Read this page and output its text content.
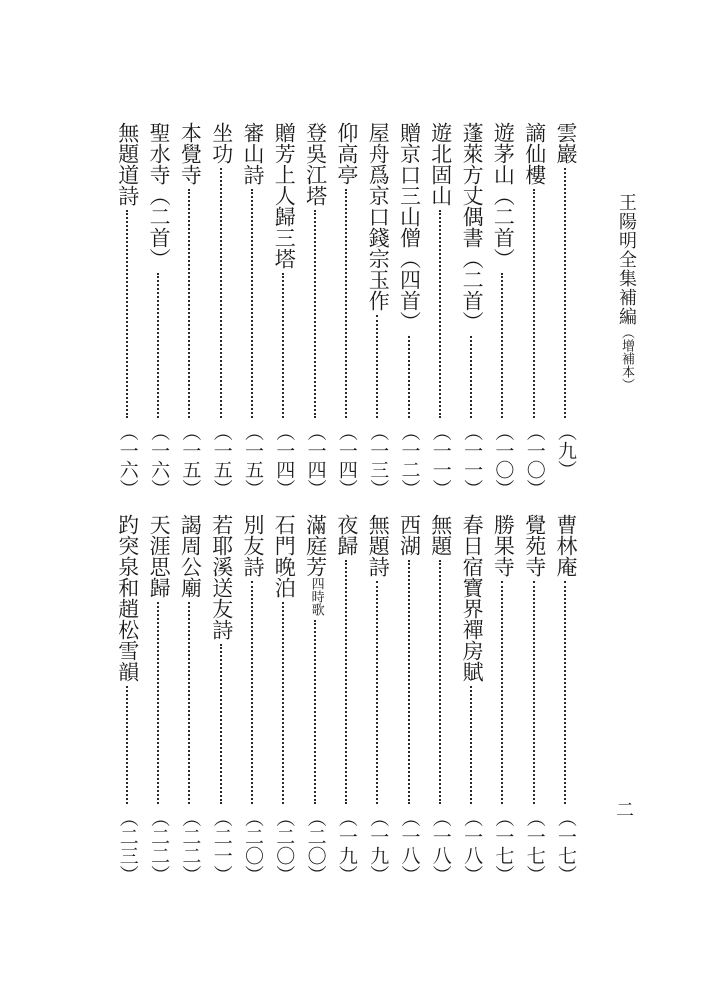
王陽明全集補編（增補本）
二
雲巖
（九）
謫仙樓
（一〇）
遊茅山（二首）
（一〇）
蓬萊方丈偶書（二首）
（一一）
遊北固山
（一一）
贈京口三山僧（四首）
（一二）
屋舟爲京口錢宗玉作
（一三）
仰高亭
（一四）
登吳江塔
（一四）
贈芳上人歸三塔
（一四）
審山詩
（一五）
坐功
（一五）
本覺寺
（一五）
聖水寺（二首）
（一六）
無題道詩
（一六）
曹林庵
（一七）
覺苑寺
（一七）
勝果寺
（一七）
春日宿寶界禪房賦
（一八）
無題
（一八）
西湖
（一八）
無題詩
（一九）
夜歸
（一九）
滿庭芳四時歌
（二〇）
石門晚泊
（二〇）
別友詩
（二〇）
若耶溪送友詩
（二一）
謁周公廟
（二二）
天涯思歸
（二二）
趵突泉和趙松雪韻
（二三）
